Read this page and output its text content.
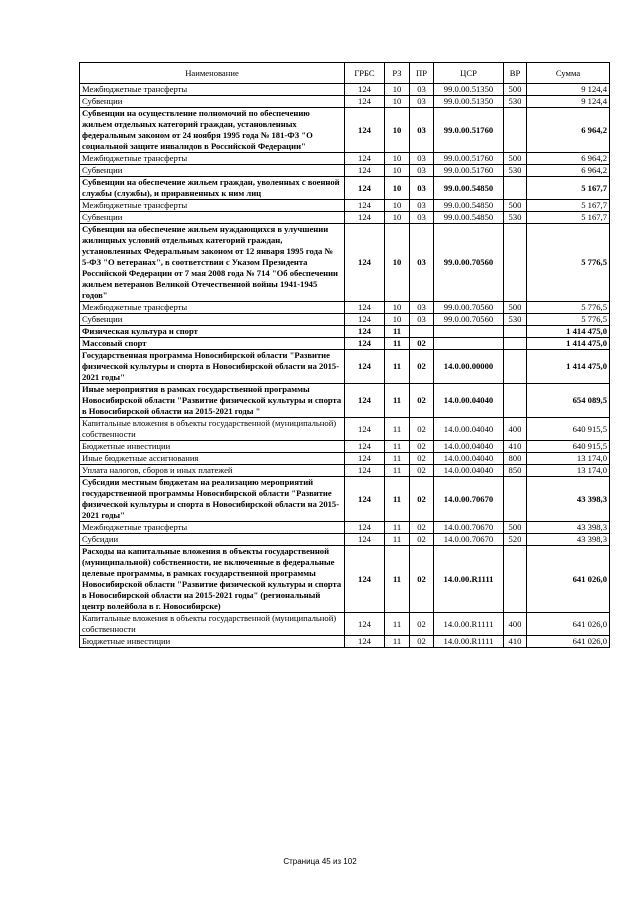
Наименование	ГРБС	РЗ	ПР	ЦСР	ВР	Сумма
Межбюджетные трансферты	124	10	03	99.0.00.51350	500	9 124,4
Субвенции	124	10	03	99.0.00.51350	530	9 124,4
Субвенции на осуществление полномочий по обеспечению жильем отдельных категорий граждан, установленных федеральным законом от 24 ноября 1995 года № 181-ФЗ "О социальной защите инвалидов в Российской Федерации"	124	10	03	99.0.00.51760		6 964,2
Межбюджетные трансферты	124	10	03	99.0.00.51760	500	6 964,2
Субвенции	124	10	03	99.0.00.51760	530	6 964,2
Субвенции на обеспечение жильем граждан, уволенных с военной службы (службы), и приравненных к ним лиц	124	10	03	99.0.00.54850		5 167,7
Межбюджетные трансферты	124	10	03	99.0.00.54850	500	5 167,7
Субвенции	124	10	03	99.0.00.54850	530	5 167,7
Субвенции на обеспечение жильем нуждающихся в улучшении жилищных условий отдельных категорий граждан, установленных Федеральным законом от 12 января 1995 года № 5-ФЗ "О ветеранах", в соответствии с Указом Президента Российской Федерации от 7 мая 2008 года № 714 "Об обеспечении жильем ветеранов Великой Отечественной войны 1941-1945 годов"	124	10	03	99.0.00.70560		5 776,5
Межбюджетные трансферты	124	10	03	99.0.00.70560	500	5 776,5
Субвенции	124	10	03	99.0.00.70560	530	5 776,5
Физическая культура и спорт	124	11				1 414 475,0
Массовый спорт	124	11	02			1 414 475,0
Государственная программа Новосибирской области "Развитие физической культуры и спорта в Новосибирской области на 2015-2021 годы"	124	11	02	14.0.00.00000		1 414 475,0
Иные мероприятия в рамках государственной программы Новосибирской области "Развитие физической культуры и спорта в Новосибирской области на 2015-2021 годы "	124	11	02	14.0.00.04040		654 089,5
Капитальные вложения в объекты государственной (муниципальной) собственности	124	11	02	14.0.00.04040	400	640 915,5
Бюджетные инвестиции	124	11	02	14.0.00.04040	410	640 915,5
Иные бюджетные ассигнования	124	11	02	14.0.00.04040	800	13 174,0
Уплата налогов, сборов и иных платежей	124	11	02	14.0.00.04040	850	13 174,0
Субсидии местным бюджетам на реализацию мероприятий государственной программы Новосибирской области "Развитие физической культуры и спорта в Новосибирской области на 2015-2021 годы"	124	11	02	14.0.00.70670		43 398,3
Межбюджетные трансферты	124	11	02	14.0.00.70670	500	43 398,3
Субсидии	124	11	02	14.0.00.70670	520	43 398,3
Расходы на капитальные вложения в объекты государственной (муниципальной) собственности, не включенные в федеральные целевые программы, в рамках государственной программы Новосибирской области "Развитие физической культуры и спорта в Новосибирской области на 2015-2021 годы" (региональный центр волейбола в г. Новосибирске)	124	11	02	14.0.00.R1111		641 026,0
Капитальные вложения в объекты государственной (муниципальной) собственности	124	11	02	14.0.00.R1111	400	641 026,0
Бюджетные инвестиции	124	11	02	14.0.00.R1111	410	641 026,0
Страница 45 из 102
